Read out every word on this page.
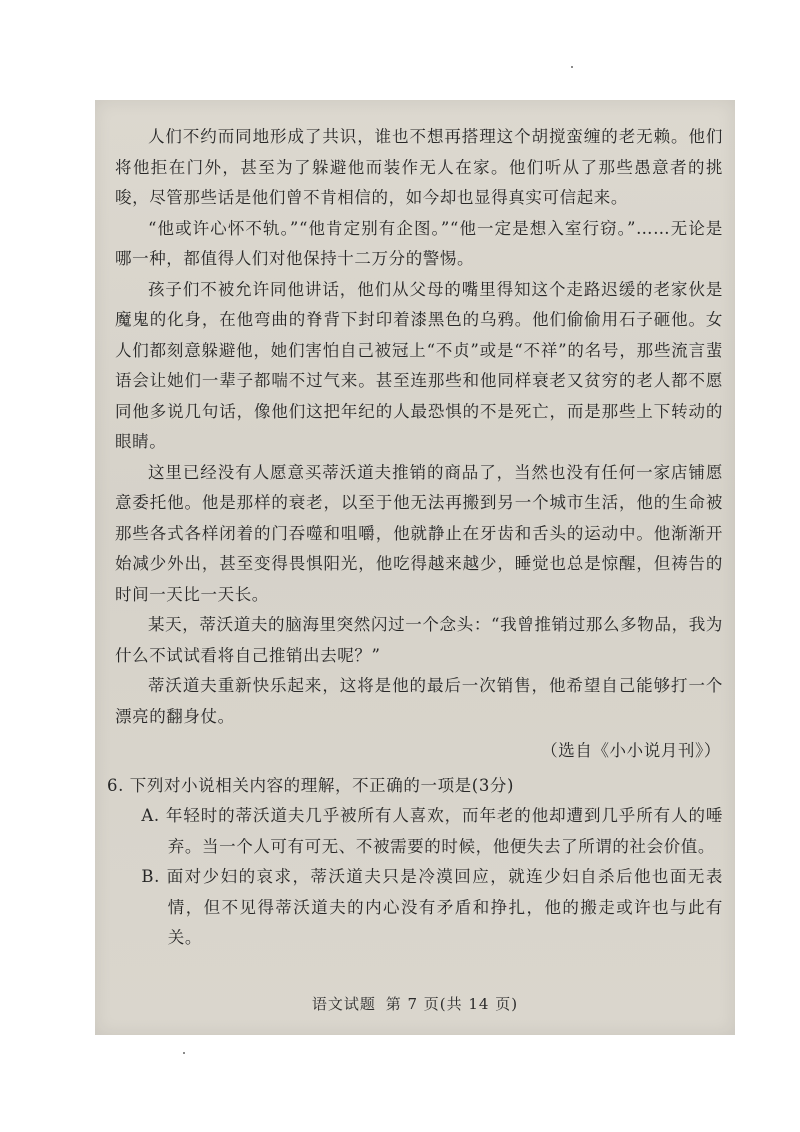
人们不约而同地形成了共识，谁也不想再搭理这个胡搅蛮缠的老无赖。他们将他拒在门外，甚至为了躲避他而装作无人在家。他们听从了那些愚意者的挑唆，尽管那些话是他们曾不肯相信的，如今却也显得真实可信起来。

“他或许心怀不轨。”“他肯定别有企图。”“他一定是想入室行窃。”……无论是哪一种，都值得人们对他保持十二万分的警惕。

孩子们不被允许同他讲话，他们从父母的嘴里得知这个走路迟缓的老家伙是魔鬼的化身，在他弯曲的脊背下封印着漆黑色的乌鸦。他们偷偷用石子砸他。女人们都刻意躲避他，她们害怕自己被冠上“不贞”或是“不祥”的名号，那些流言蜚语会让她们一辈子都喘不过气来。甚至连那些和他同样衰老又贫穷的老人都不愿同他多说几句话，像他们这把年纪的人最恐惧的不是死亡，而是那些上下转动的眼睛。

这里已经没有人愿意买蒂沃道夫推销的商品了，当然也没有任何一家店铺愿意委托他。他是那样的衰老，以至于他无法再搬到另一个城市生活，他的生命被那些各式各样闭着的门吞噬和咀嚼，他就静止在牙齿和舌头的运动中。他渐渐开始减少外出，甚至变得畏惧阳光，他吃得越来越少，睡觉也总是惊醒，但祷告的时间一天比一天长。

某天，蒂沃道夫的脑海里突然闪过一个念头：“我曾推销过那么多物品，我为什么不试试看将自己推销出去呢？”

蒂沃道夫重新快乐起来，这将是他的最后一次销售，他希望自己能够打一个漂亮的翻身仗。

（选自《小小说月刊》）

6. 下列对小说相关内容的理解，不正确的一项是(3分)

A. 年轻时的蒂沃道夫几乎被所有人喜欢，而年老的他却遭到几乎所有人的唾弃。当一个人可有可无、不被需要的时候，他便失去了所谓的社会价值。

B. 面对少妇的哀求，蒂沃道夫只是冷漠回应，就连少妇自杀后他也面无表情，但不见得蒂沃道夫的内心没有矛盾和挣扎，他的搬走或许也与此有关。

语文试题 第 7 页(共 14 页)
